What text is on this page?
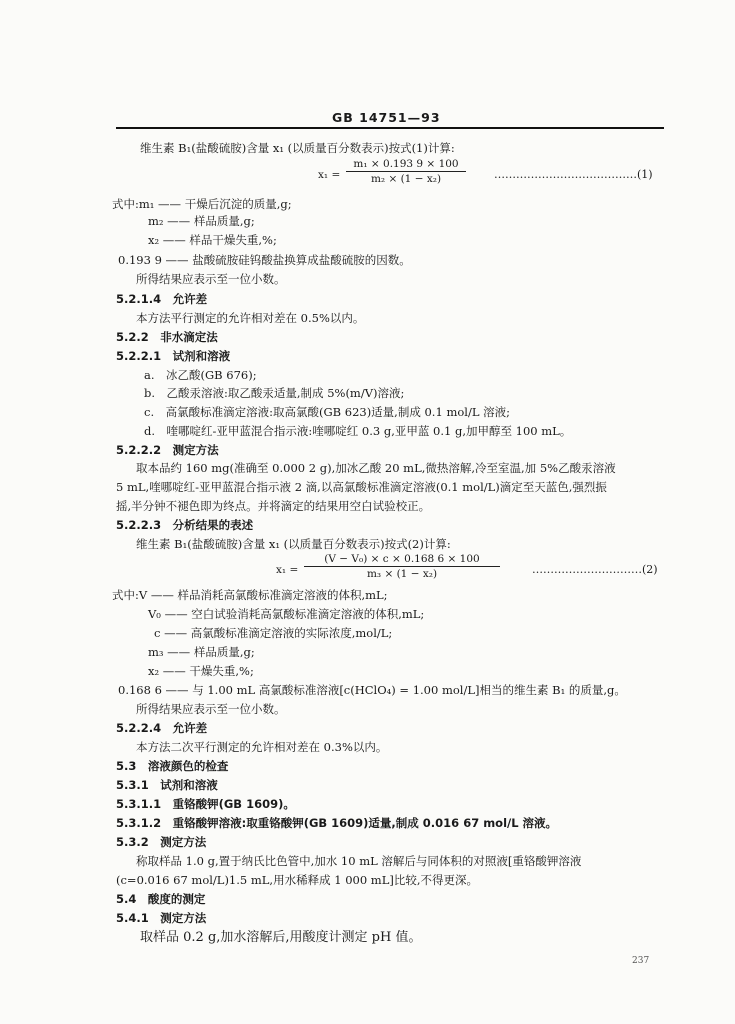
GB 14751—93
维生素 B₁(盐酸硫胺)含量 x₁ (以质量百分数表示)按式(1)计算:
x₁ =
m₁ × 0.193 9 × 100
m₂ × (1 − x₂)	…………………………………(1)
式中:m₁ —— 干燥后沉淀的质量,g;
m₂ —— 样品质量,g;
x₂ —— 样品干燥失重,%;
0.193 9 —— 盐酸硫胺硅钨酸盐换算成盐酸硫胺的因数。
所得结果应表示至一位小数。
5.2.1.4　允许差
本方法平行测定的允许相对差在 0.5%以内。
5.2.2　非水滴定法
5.2.2.1　试剂和溶液
a.　冰乙酸(GB 676);
b.　乙酸汞溶液:取乙酸汞适量,制成 5%(m/V)溶液;
c.　高氯酸标准滴定溶液:取高氯酸(GB 623)适量,制成 0.1 mol/L 溶液;
d.　喹哪啶红-亚甲蓝混合指示液:喹哪啶红 0.3 g,亚甲蓝 0.1 g,加甲醇至 100 mL。
5.2.2.2　测定方法
取本品约 160 mg(准确至 0.000 2 g),加冰乙酸 20 mL,微热溶解,冷至室温,加 5%乙酸汞溶液
5 mL,喹哪啶红-亚甲蓝混合指示液 2 滴,以高氯酸标准滴定溶液(0.1 mol/L)滴定至天蓝色,强烈振
摇,半分钟不褪色即为终点。并将滴定的结果用空白试验校正。
5.2.2.3　分析结果的表述
维生素 B₁(盐酸硫胺)含量 x₁ (以质量百分数表示)按式(2)计算:
x₁ =
(V − V₀) × c × 0.168 6 × 100
m₃ × (1 − x₂)	…………………………(2)
式中:V —— 样品消耗高氯酸标准滴定溶液的体积,mL;
V₀ —— 空白试验消耗高氯酸标准滴定溶液的体积,mL;
c —— 高氯酸标准滴定溶液的实际浓度,mol/L;
m₃ —— 样品质量,g;
x₂ —— 干燥失重,%;
0.168 6 —— 与 1.00 mL 高氯酸标准溶液[c(HClO₄) = 1.00 mol/L]相当的维生素 B₁ 的质量,g。
所得结果应表示至一位小数。
5.2.2.4　允许差
本方法二次平行测定的允许相对差在 0.3%以内。
5.3　溶液颜色的检查
5.3.1　试剂和溶液
5.3.1.1　重铬酸钾(GB 1609)。
5.3.1.2　重铬酸钾溶液:取重铬酸钾(GB 1609)适量,制成 0.016 67 mol/L 溶液。
5.3.2　测定方法
称取样品 1.0 g,置于纳氏比色管中,加水 10 mL 溶解后与同体积的对照液[重铬酸钾溶液
(c=0.016 67 mol/L)1.5 mL,用水稀释成 1 000 mL]比较,不得更深。
5.4　酸度的测定
5.4.1　测定方法
取样品 0.2 g,加水溶解后,用酸度计测定 pH 值。
237
